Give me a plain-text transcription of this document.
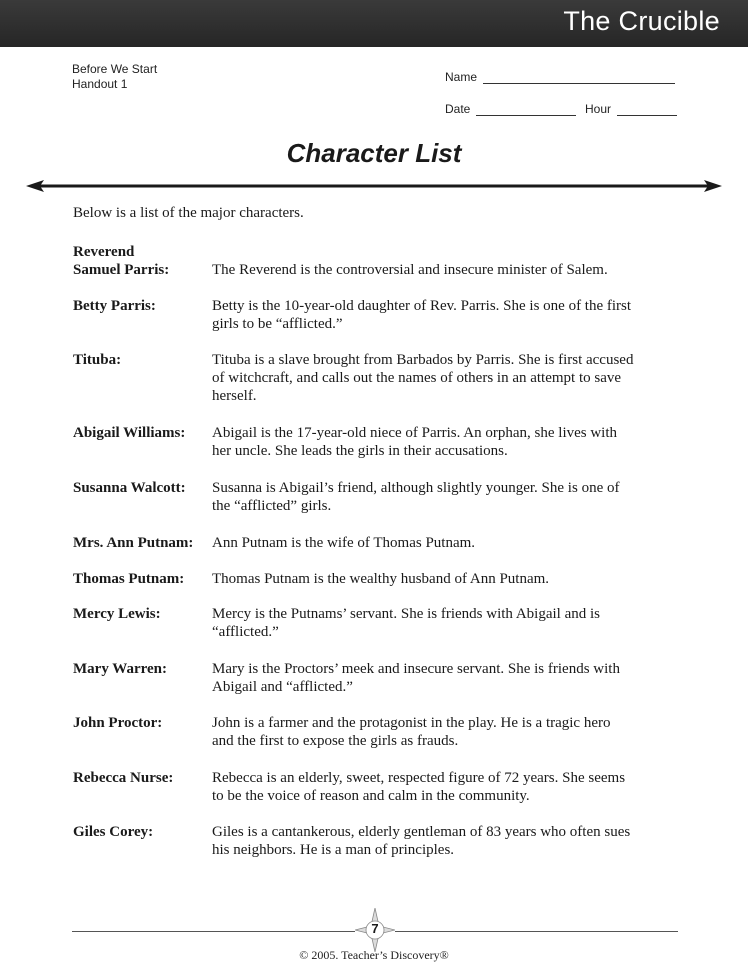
The Crucible
Before We Start
Handout 1	Name
Date	Hour
Character List
Below is a list of the major characters.
Reverend
Samuel Parris:	The Reverend is the controversial and insecure minister of Salem.
Betty Parris:	Betty is the 10-year-old daughter of Rev. Parris. She is one of the first
girls to be “afflicted.”
Tituba:	Tituba is a slave brought from Barbados by Parris. She is first accused
of witchcraft, and calls out the names of others in an attempt to save
herself.
Abigail Williams:	Abigail is the 17-year-old niece of Parris. An orphan, she lives with
her uncle. She leads the girls in their accusations.
Susanna Walcott:	Susanna is Abigail’s friend, although slightly younger. She is one of
the “afflicted” girls.
Mrs. Ann Putnam:	Ann Putnam is the wife of Thomas Putnam.
Thomas Putnam:	Thomas Putnam is the wealthy husband of Ann Putnam.
Mercy Lewis:	Mercy is the Putnams’ servant. She is friends with Abigail and is
“afflicted.”
Mary Warren:	Mary is the Proctors’ meek and insecure servant. She is friends with
Abigail and “afflicted.”
John Proctor:	John is a farmer and the protagonist in the play. He is a tragic hero
and the first to expose the girls as frauds.
Rebecca Nurse:	Rebecca is an elderly, sweet, respected figure of 72 years. She seems
to be the voice of reason and calm in the community.
Giles Corey:	Giles is a cantankerous, elderly gentleman of 83 years who often sues
his neighbors. He is a man of principles.
7
© 2005. Teacher’s Discovery®
